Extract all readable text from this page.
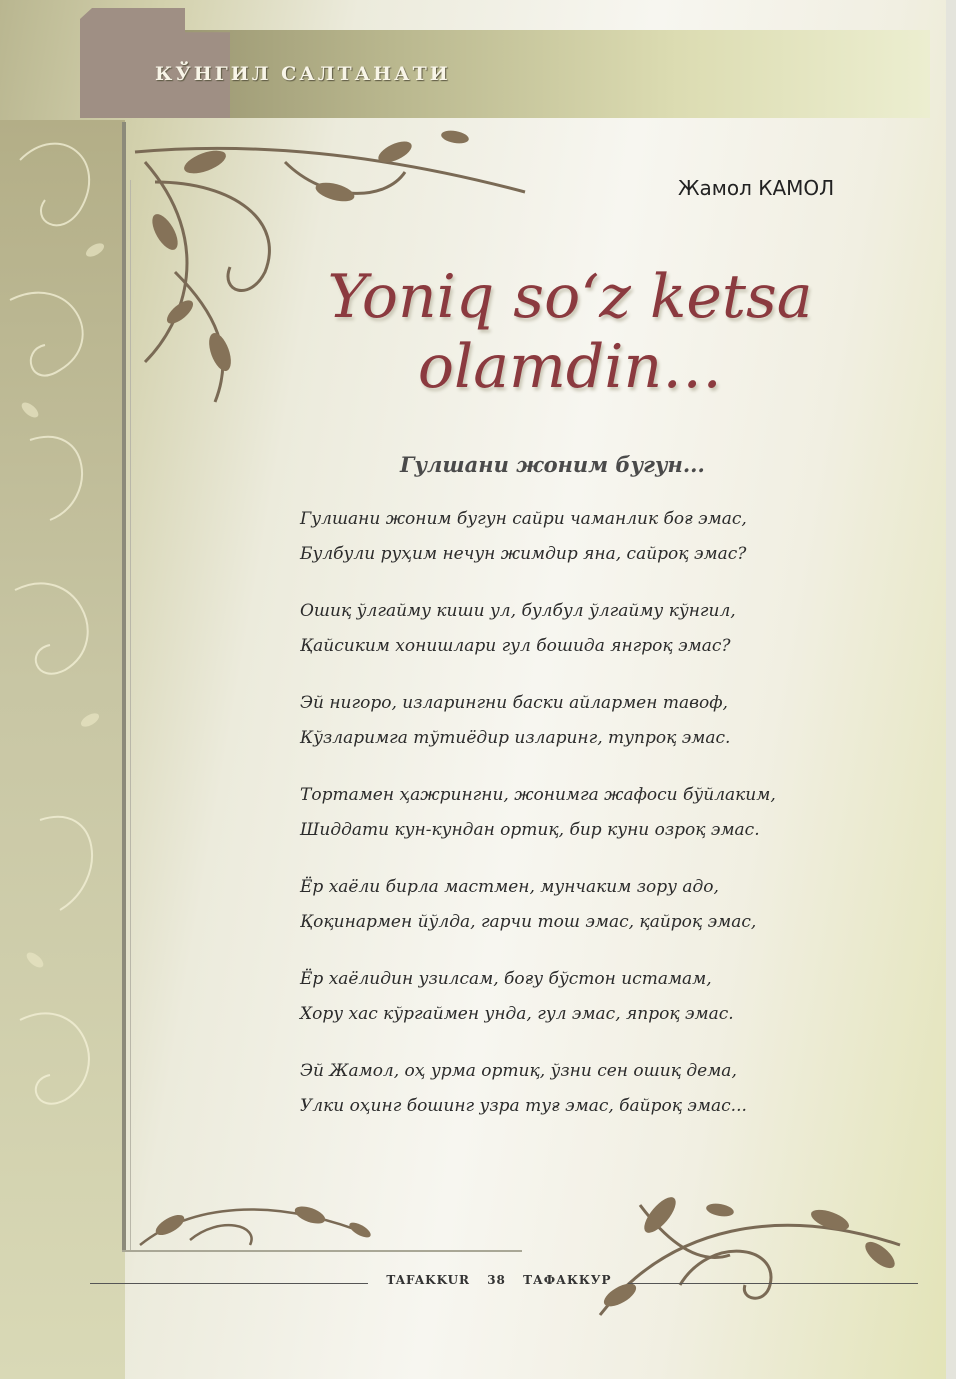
КЎНГИЛ САЛТАНАТИ
Жамол КАМОЛ
Yoniq so‘z ketsa
olamdin…
Гулшани жоним бугун...
Гулшани жоним бугун сайри чаманлик боғ эмас,
Булбули руҳим нечун жимдир яна, сайроқ эмас?
Ошиқ ўлгайму киши ул, булбул ўлгайму кўнгил,
Қайсиким хонишлари гул бошида янгроқ эмас?
Эй нигоро, изларингни баски айлармен тавоф,
Кўзларимга тўтиёдир изларинг, тупроқ эмас.
Тортамен ҳажрингни, жонимга жафоси бўйлаким,
Шиддати кун-кундан ортиқ, бир куни озроқ эмас.
Ёр хаёли бирла мастмен, мунчаким зору адо,
Қоқинармен йўлда, гарчи тош эмас, қайроқ эмас,
Ёр хаёлидин узилсам, боғу бўстон истамам,
Хору хас кўргаймен унда, гул эмас, япроқ эмас.
Эй Жамол, оҳ урма ортиқ, ўзни сен ошиқ дема,
Улки оҳинг бошинг узра туғ эмас, байроқ эмас...
TAFAKKUR 38 ТАФАККУР
